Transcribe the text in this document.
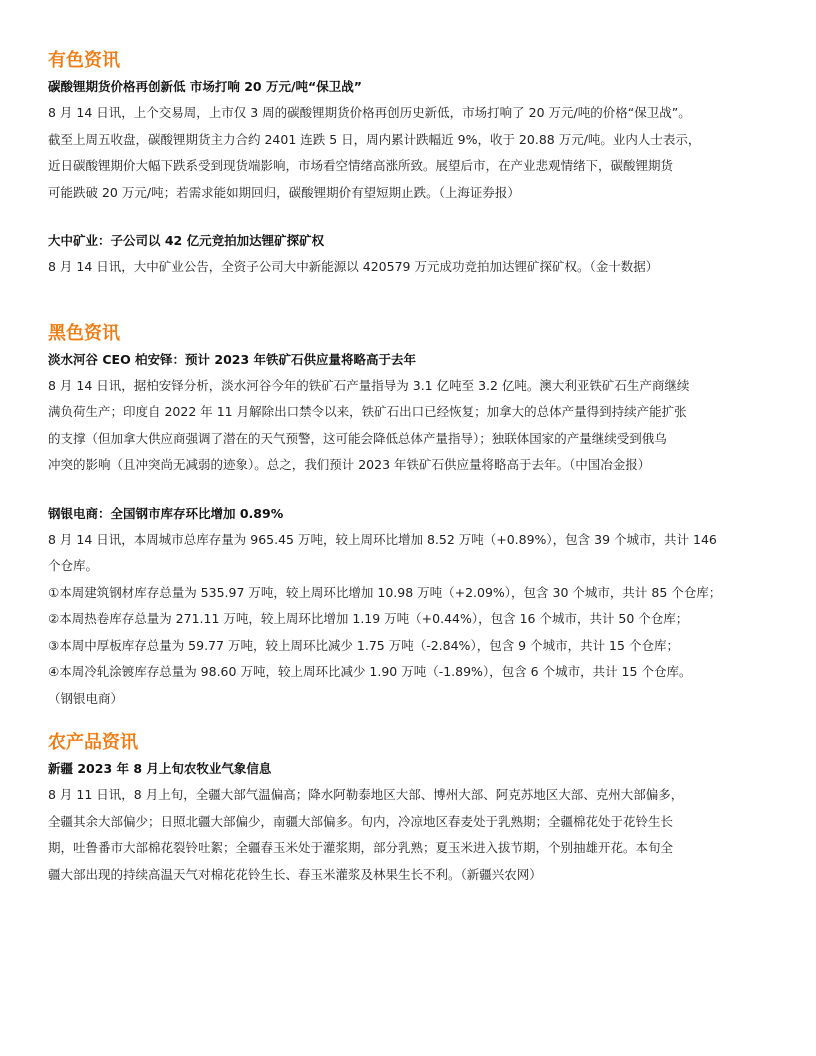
有色资讯
碳酸锂期货价格再创新低 市场打响 20 万元/吨“保卫战”

8 月 14 日讯，上个交易周，上市仅 3 周的碳酸锂期货价格再创历史新低，市场打响了 20 万元/吨的价格“保卫战”。
截至上周五收盘，碳酸锂期货主力合约 2401 连跌 5 日，周内累计跌幅近 9%，收于 20.88 万元/吨。业内人士表示，
近日碳酸锂期价大幅下跌系受到现货端影响，市场看空情绪高涨所致。展望后市，在产业悲观情绪下，碳酸锂期货
可能跌破 20 万元/吨；若需求能如期回归，碳酸锂期价有望短期止跌。（上海证券报）

大中矿业：子公司以 42 亿元竞拍加达锂矿探矿权

8 月 14 日讯，大中矿业公告，全资子公司大中新能源以 420579 万元成功竞拍加达锂矿探矿权。（金十数据）

黑色资讯
淡水河谷 CEO 柏安铎：预计 2023 年铁矿石供应量将略高于去年

8 月 14 日讯，据柏安铎分析，淡水河谷今年的铁矿石产量指导为 3.1 亿吨至 3.2 亿吨。澳大利亚铁矿石生产商继续
满负荷生产；印度自 2022 年 11 月解除出口禁令以来，铁矿石出口已经恢复；加拿大的总体产量得到持续产能扩张
的支撑（但加拿大供应商强调了潜在的天气预警，这可能会降低总体产量指导）；独联体国家的产量继续受到俄乌
冲突的影响（且冲突尚无减弱的迹象）。总之，我们预计 2023 年铁矿石供应量将略高于去年。（中国冶金报）

钢银电商：全国钢市库存环比增加 0.89%

8 月 14 日讯，本周城市总库存量为 965.45 万吨，较上周环比增加 8.52 万吨（+0.89%），包含 39 个城市，共计 146
个仓库。
①本周建筑钢材库存总量为 535.97 万吨，较上周环比增加 10.98 万吨（+2.09%），包含 30 个城市，共计 85 个仓库；
②本周热卷库存总量为 271.11 万吨，较上周环比增加 1.19 万吨（+0.44%），包含 16 个城市，共计 50 个仓库；
③本周中厚板库存总量为 59.77 万吨，较上周环比减少 1.75 万吨（-2.84%），包含 9 个城市，共计 15 个仓库；
④本周冷轧涂镀库存总量为 98.60 万吨，较上周环比减少 1.90 万吨（-1.89%），包含 6 个城市，共计 15 个仓库。
（钢银电商）

农产品资讯
新疆 2023 年 8 月上旬农牧业气象信息

8 月 11 日讯，8 月上旬，全疆大部气温偏高；降水阿勒泰地区大部、博州大部、阿克苏地区大部、克州大部偏多，
全疆其余大部偏少；日照北疆大部偏少，南疆大部偏多。旬内，冷凉地区春麦处于乳熟期；全疆棉花处于花铃生长
期，吐鲁番市大部棉花裂铃吐絮；全疆春玉米处于灌浆期，部分乳熟；夏玉米进入拔节期，个别抽雄开花。本旬全
疆大部出现的持续高温天气对棉花花铃生长、春玉米灌浆及林果生长不利。（新疆兴农网）
